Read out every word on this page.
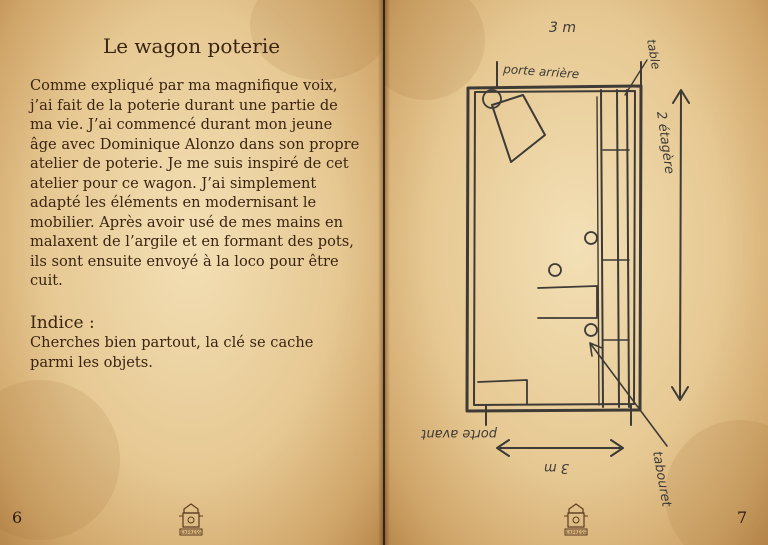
Le wagon poterie
Comme expliqué par ma magnifique voix, j’ai fait de la poterie durant une partie de ma vie. J’ai commencé durant mon jeune âge avec Dominique Alonzo dans son propre atelier de poterie. Je me suis inspiré de cet atelier pour ce wagon. J’ai simplement adapté les éléments en modernisant le mobilier. Après avoir usé de mes mains en malaxent de l’argile et en formant des pots, ils sont ensuite envoyé à la loco pour être cuit.
Indice :
Cherches bien partout, la clé se cache parmi les objets.
6
EXPRESS
3 m
porte arrière
table
2 étagère
porte avant
3 m	tabouret
EXPRESS
7
